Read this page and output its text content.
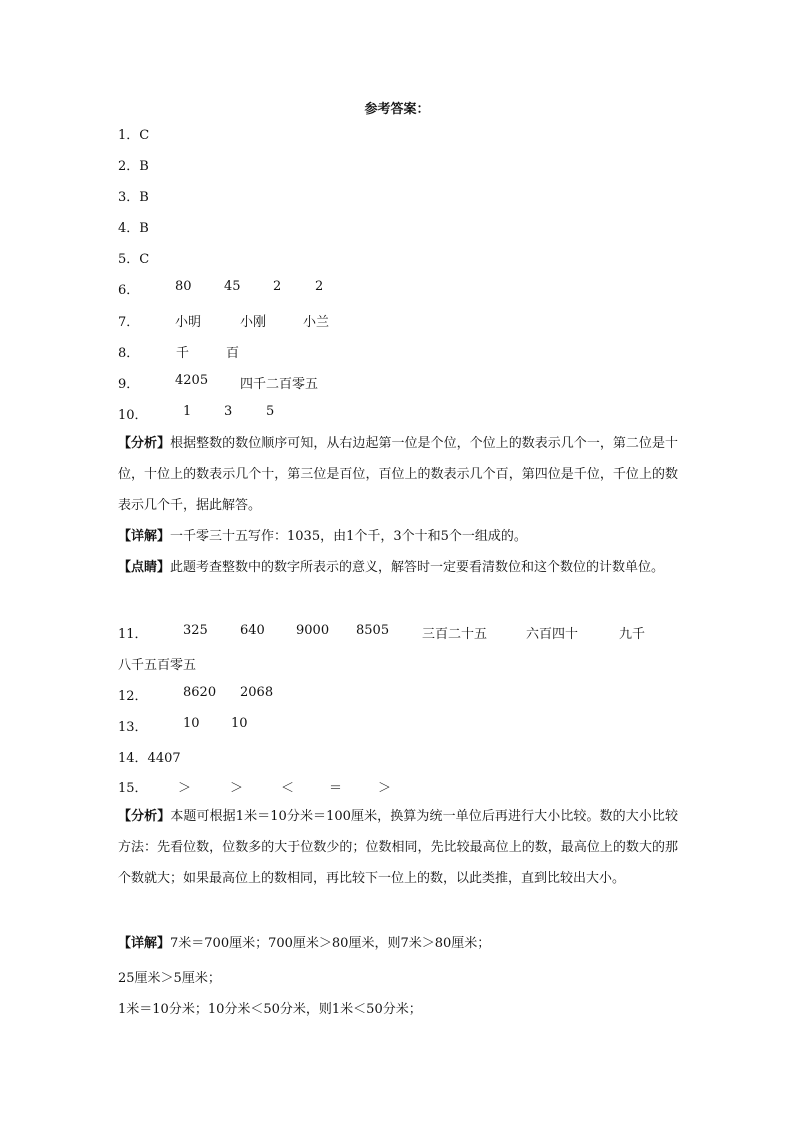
参考答案：
1．C
2．B
3．B
4．B
5．C
6．	80 45 2	2
7．	小明	小刚	小兰
8．	千	百
9．	4205 四千二百零五
10．	1	3	5
【分析】根据整数的数位顺序可知，从右边起第一位是个位，个位上的数表示几个一，第二位是十位，十位上的数表示几个十，第三位是百位，百位上的数表示几个百，第四位是千位，千位上的数表示几个千，据此解答。
【详解】一千零三十五写作：1035，由1个千，3个十和5个一组成的。
【点睛】此题考查整数中的数字所表示的意义，解答时一定要看清数位和这个数位的计数单位。
11．	325 640 9000 8505	三百二十五	六百四十	九千
八千五百零五
12．	8620 2068
13．	10 10
14．4407
15． ＞	＞	＜	＝	＞
【分析】本题可根据1米＝10分米＝100厘米，换算为统一单位后再进行大小比较。数的大小比较方法：先看位数，位数多的大于位数少的；位数相同，先比较最高位上的数，最高位上的数大的那个数就大；如果最高位上的数相同，再比较下一位上的数，以此类推，直到比较出大小。
【详解】7米＝700厘米；700厘米＞80厘米，则7米＞80厘米；
25厘米＞5厘米；
1米＝10分米；10分米＜50分米，则1米＜50分米；
